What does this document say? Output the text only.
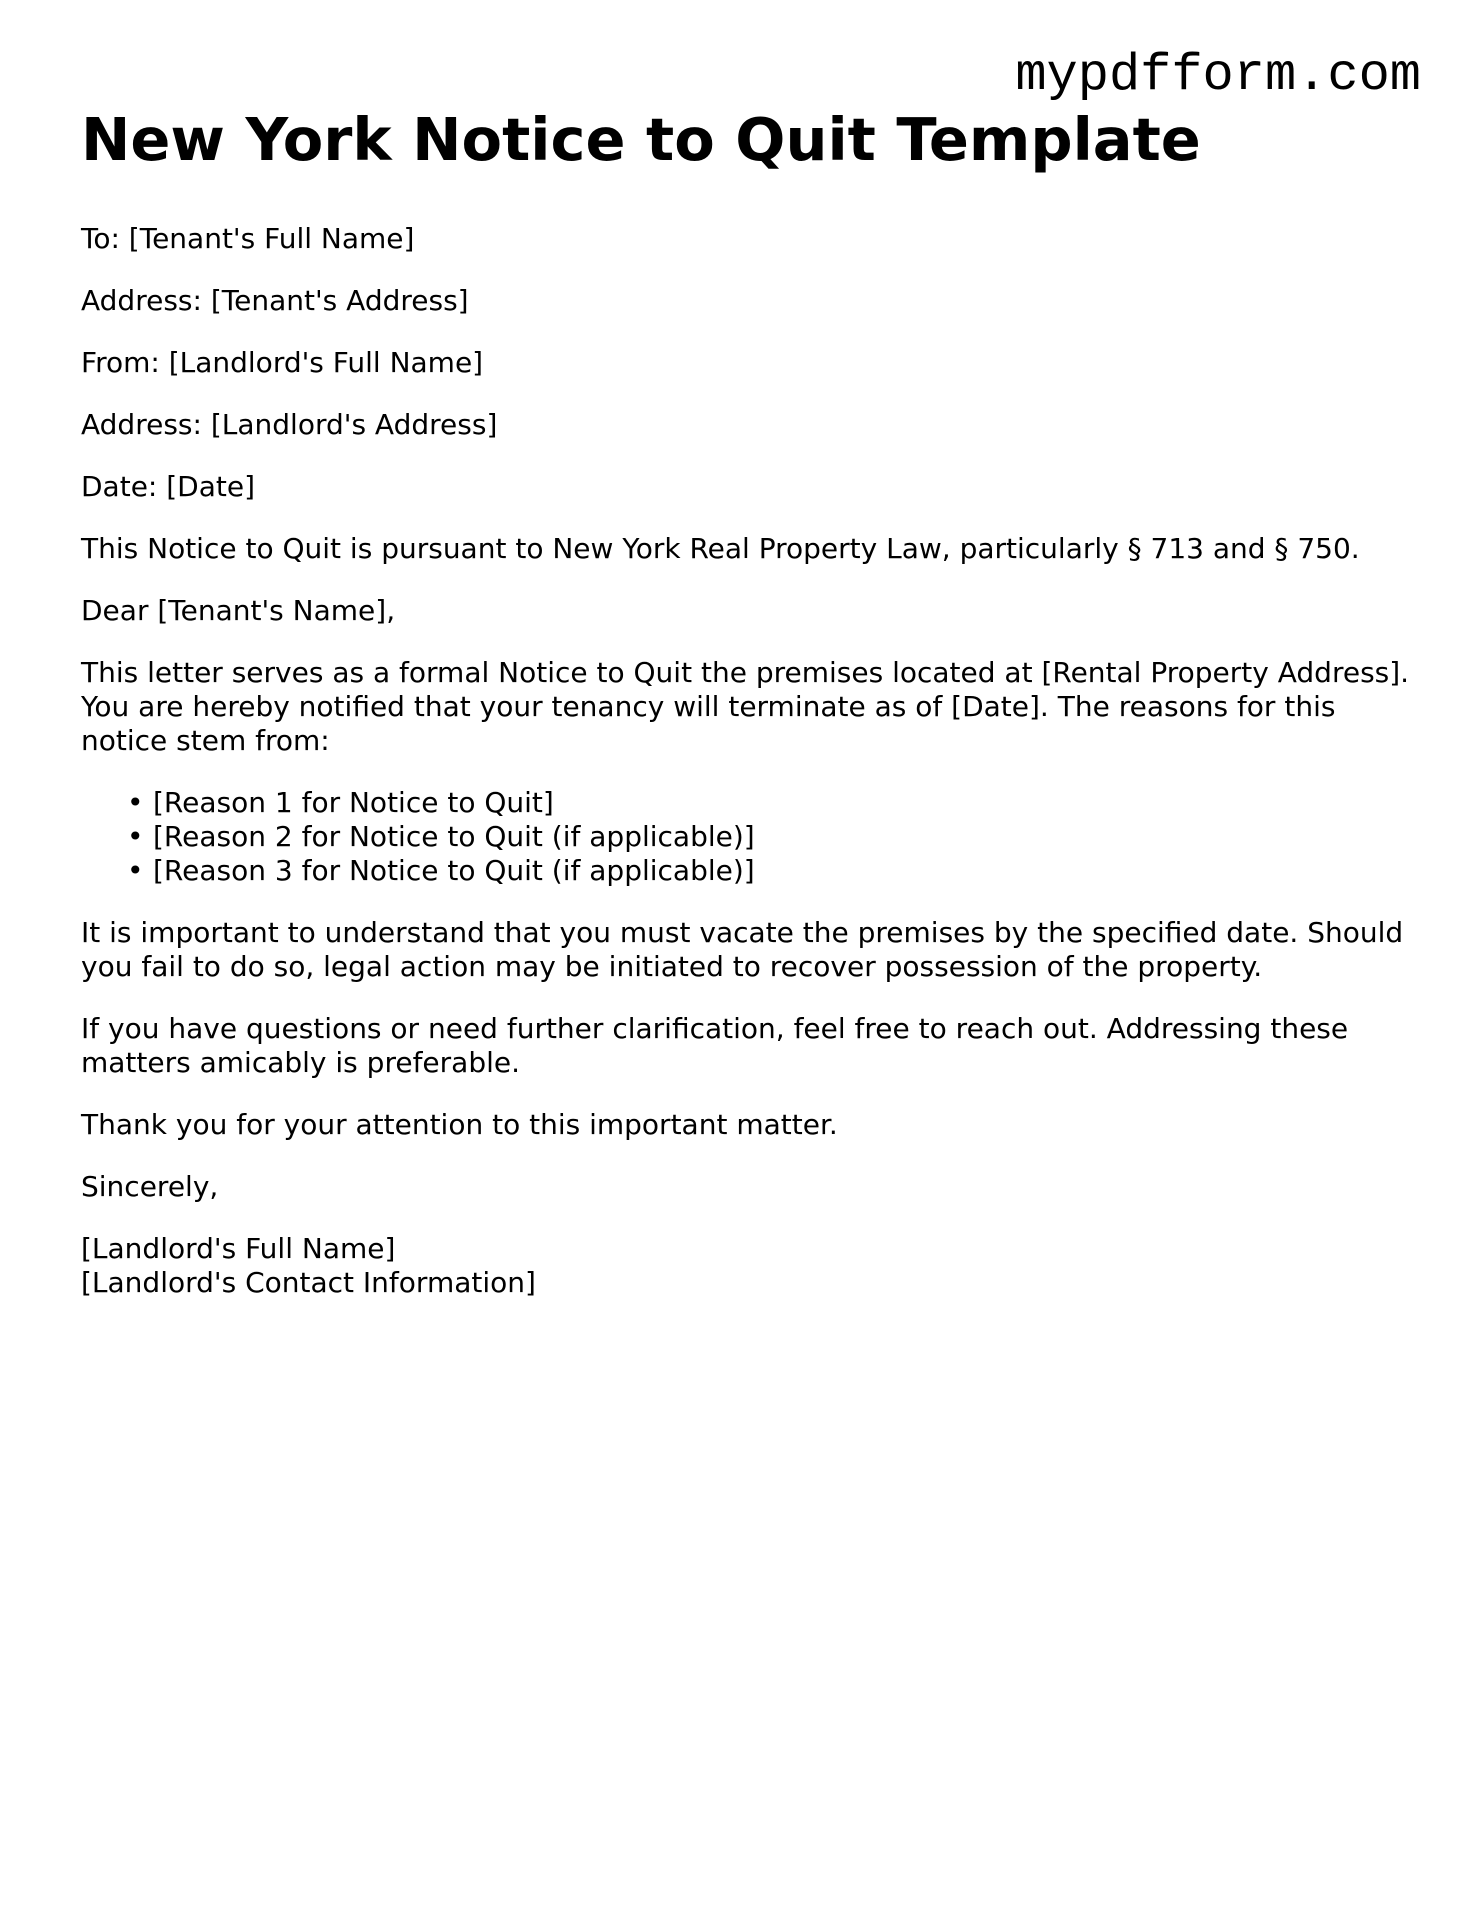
mypdfform.com
New York Notice to Quit Template

To: [Tenant's Full Name]

Address: [Tenant's Address]

From: [Landlord's Full Name]

Address: [Landlord's Address]

Date: [Date]

This Notice to Quit is pursuant to New York Real Property Law, particularly § 713 and § 750.

Dear [Tenant's Name],

This letter serves as a formal Notice to Quit the premises located at [Rental Property Address]. You are hereby notified that your tenancy will terminate as of [Date]. The reasons for this notice stem from:

• [Reason 1 for Notice to Quit]
• [Reason 2 for Notice to Quit (if applicable)]
• [Reason 3 for Notice to Quit (if applicable)]

It is important to understand that you must vacate the premises by the specified date. Should you fail to do so, legal action may be initiated to recover possession of the property.

If you have questions or need further clarification, feel free to reach out. Addressing these matters amicably is preferable.

Thank you for your attention to this important matter.

Sincerely,

[Landlord's Full Name]
[Landlord's Contact Information]
